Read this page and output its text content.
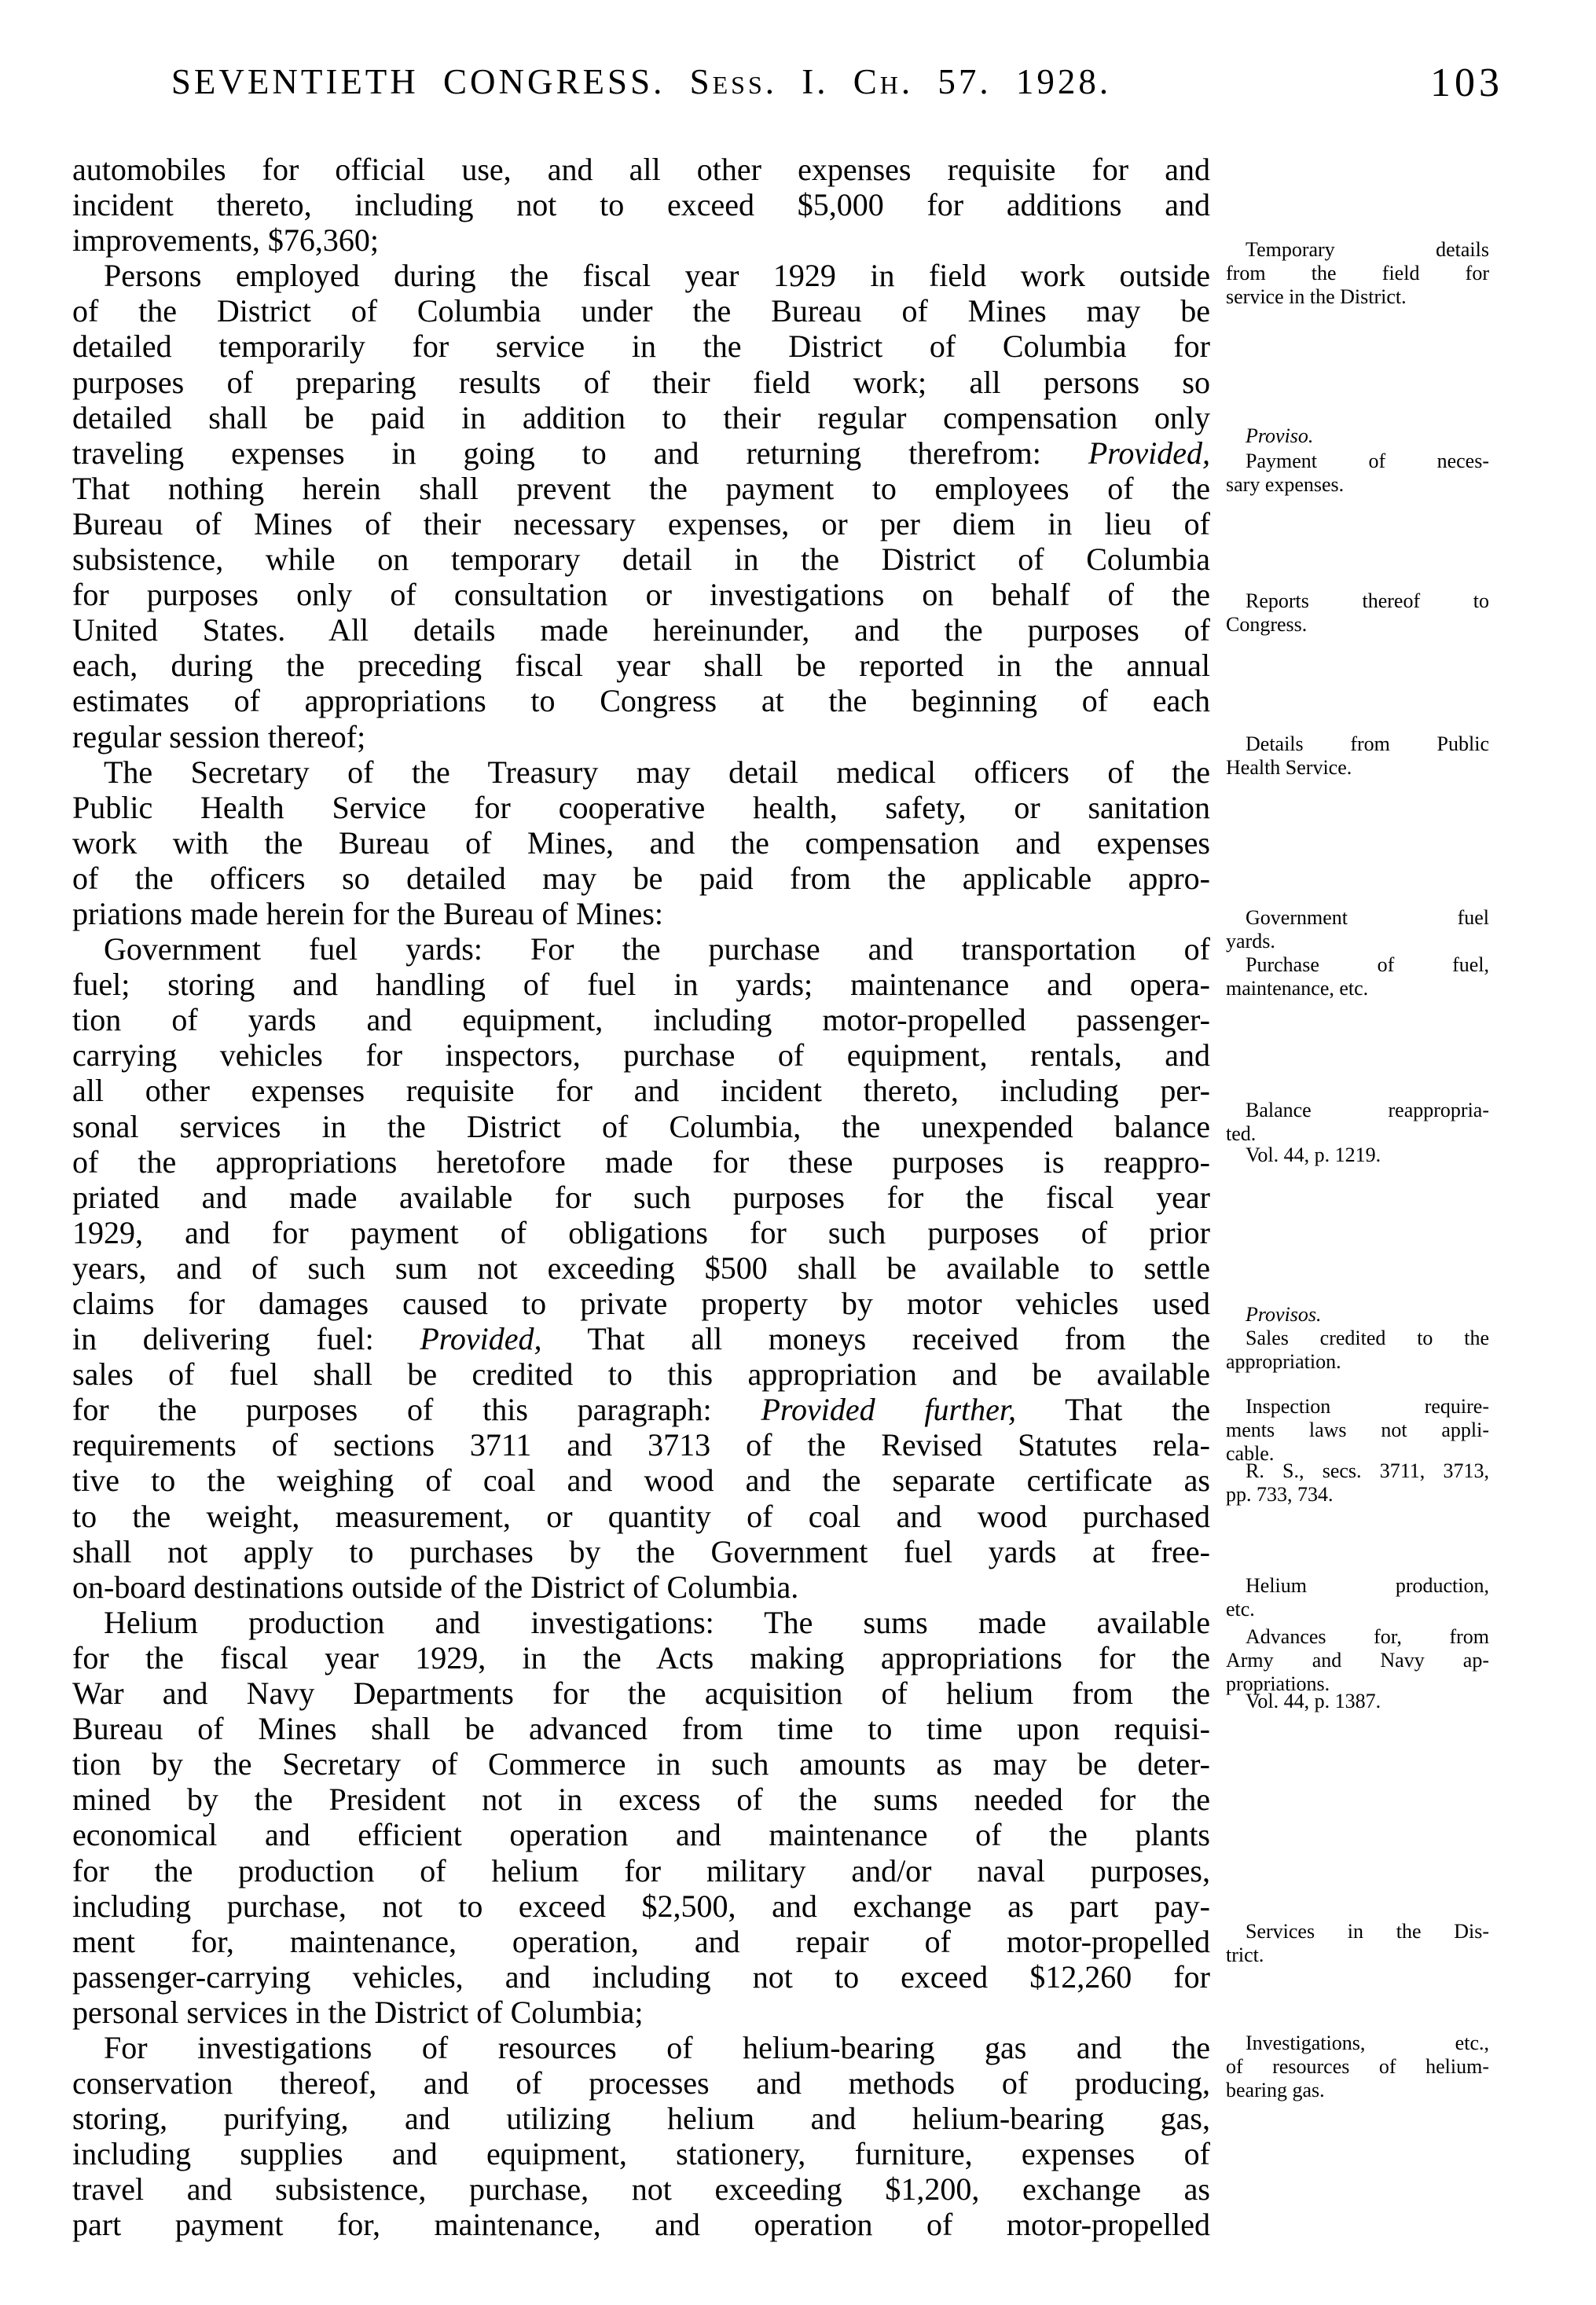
SEVENTIETH CONGRESS. Sess. I. Ch. 57. 1928.	103
automobiles for official use, and all other expenses requisite for and
incident thereto, including not to exceed $5,000 for additions and
improvements, $76,360;
Persons employed during the fiscal year 1929 in field work outside
of the District of Columbia under the Bureau of Mines may be
detailed temporarily for service in the District of Columbia for
purposes of preparing results of their field work; all persons so
detailed shall be paid in addition to their regular compensation only
traveling expenses in going to and returning therefrom: Provided,
That nothing herein shall prevent the payment to employees of the
Bureau of Mines of their necessary expenses, or per diem in lieu of
subsistence, while on temporary detail in the District of Columbia
for purposes only of consultation or investigations on behalf of the
United States. All details made hereinunder, and the purposes of
each, during the preceding fiscal year shall be reported in the annual
estimates of appropriations to Congress at the beginning of each
regular session thereof;
The Secretary of the Treasury may detail medical officers of the
Public Health Service for cooperative health, safety, or sanitation
work with the Bureau of Mines, and the compensation and expenses
of the officers so detailed may be paid from the applicable appro-
priations made herein for the Bureau of Mines:
Government fuel yards: For the purchase and transportation of
fuel; storing and handling of fuel in yards; maintenance and opera-
tion of yards and equipment, including motor-propelled passenger-
carrying vehicles for inspectors, purchase of equipment, rentals, and
all other expenses requisite for and incident thereto, including per-
sonal services in the District of Columbia, the unexpended balance
of the appropriations heretofore made for these purposes is reappro-
priated and made available for such purposes for the fiscal year
1929, and for payment of obligations for such purposes of prior
years, and of such sum not exceeding $500 shall be available to settle
claims for damages caused to private property by motor vehicles used
in delivering fuel: Provided, That all moneys received from the
sales of fuel shall be credited to this appropriation and be available
for the purposes of this paragraph: Provided further, That the
requirements of sections 3711 and 3713 of the Revised Statutes rela-
tive to the weighing of coal and wood and the separate certificate as
to the weight, measurement, or quantity of coal and wood purchased
shall not apply to purchases by the Government fuel yards at free-
on-board destinations outside of the District of Columbia.
Helium production and investigations: The sums made available
for the fiscal year 1929, in the Acts making appropriations for the
War and Navy Departments for the acquisition of helium from the
Bureau of Mines shall be advanced from time to time upon requisi-
tion by the Secretary of Commerce in such amounts as may be deter-
mined by the President not in excess of the sums needed for the
economical and efficient operation and maintenance of the plants
for the production of helium for military and/or naval purposes,
including purchase, not to exceed $2,500, and exchange as part pay-
ment for, maintenance, operation, and repair of motor-propelled
passenger-carrying vehicles, and including not to exceed $12,260 for
personal services in the District of Columbia;
For investigations of resources of helium-bearing gas and the
conservation thereof, and of processes and methods of producing,
storing, purifying, and utilizing helium and helium-bearing gas,
including supplies and equipment, stationery, furniture, expenses of
travel and subsistence, purchase, not exceeding $1,200, exchange as
part payment for, maintenance, and operation of motor-propelled
Temporary details
from the field for
service in the District.
Proviso.
Payment of neces-
sary expenses.
Reports thereof to
Congress.
Details from Public
Health Service.
Government fuel
yards.
Purchase of fuel,
maintenance, etc.
Balance reappropria-
ted.
Vol. 44, p. 1219.
Provisos.
Sales credited to the
appropriation.
Inspection require-
ments laws not appli-
cable.
R. S., secs. 3711, 3713,
pp. 733, 734.
Helium production,
etc.
Advances for, from
Army and Navy ap-
propriations.
Vol. 44, p. 1387.
Services in the Dis-
trict.
Investigations, etc.,
of resources of helium-
bearing gas.
